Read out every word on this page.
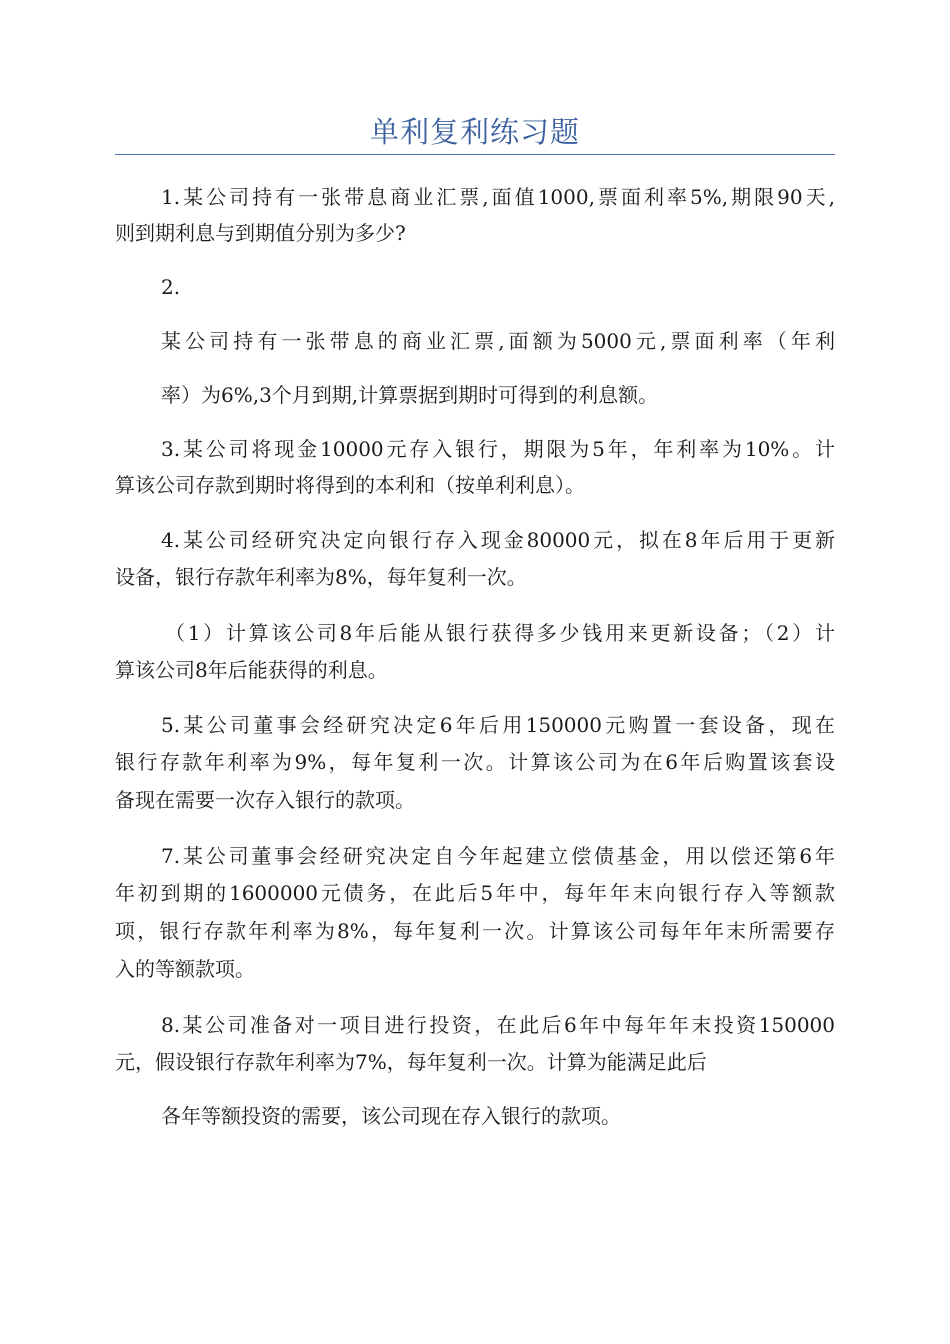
单利复利练习题
1.某公司持有一张带息商业汇票,面值1000,票面利率5%,期限90天,
则到期利息与到期值分别为多少?
2.
某公司持有一张带息的商业汇票,面额为5000元,票面利率（年利
率）为6%,3个月到期,计算票据到期时可得到的利息额。
3.某公司将现金10000元存入银行，期限为5年，年利率为10%。计
算该公司存款到期时将得到的本利和（按单利利息）。
4.某公司经研究决定向银行存入现金80000元，拟在8年后用于更新
设备，银行存款年利率为8%，每年复利一次。
（1）计算该公司8年后能从银行获得多少钱用来更新设备；（2）计
算该公司8年后能获得的利息。
5.某公司董事会经研究决定6年后用150000元购置一套设备，现在
银行存款年利率为9%，每年复利一次。计算该公司为在6年后购置该套设
备现在需要一次存入银行的款项。
7.某公司董事会经研究决定自今年起建立偿债基金，用以偿还第6年
年初到期的1600000元债务，在此后5年中，每年年末向银行存入等额款
项，银行存款年利率为8%，每年复利一次。计算该公司每年年末所需要存
入的等额款项。
8.某公司准备对一项目进行投资，在此后6年中每年年末投资150000
元，假设银行存款年利率为7%，每年复利一次。计算为能满足此后
各年等额投资的需要，该公司现在存入银行的款项。
